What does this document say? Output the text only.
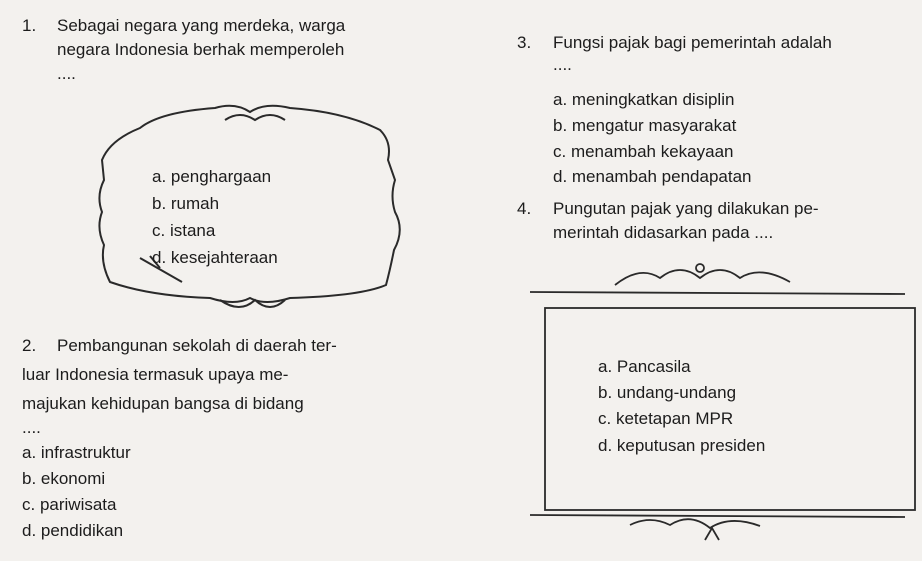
1. Sebagai negara yang merdeka, warga
negara Indonesia berhak memperoleh
....
a. penghargaan
b. rumah
c. istana
d. kesejahteraan
2. Pembangunan sekolah di daerah ter-
luar Indonesia termasuk upaya me-
majukan kehidupan bangsa di bidang
....
a. infrastruktur
b. ekonomi
c. pariwisata
d. pendidikan
3. Fungsi pajak bagi pemerintah adalah
....
a. meningkatkan disiplin
b. mengatur masyarakat
c. menambah kekayaan
d. menambah pendapatan
4. Pungutan pajak yang dilakukan pe-
merintah didasarkan pada ....
a. Pancasila
b. undang-undang
c. ketetapan MPR
d. keputusan presiden
